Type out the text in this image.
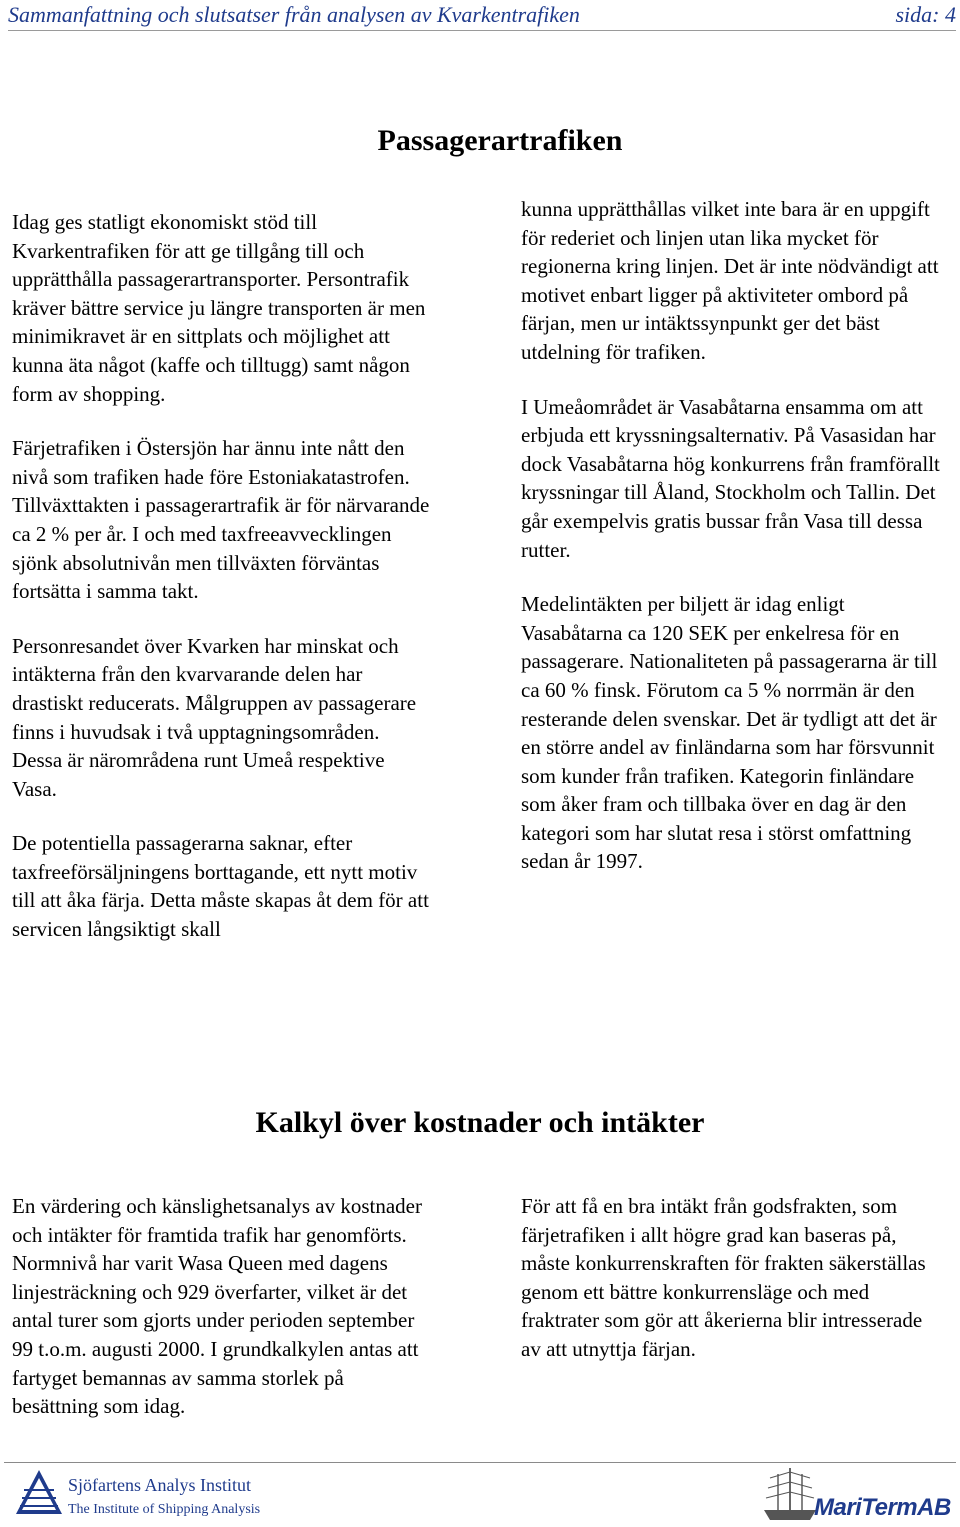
Sammanfattning och slutsatser från analysen av Kvarkentrafiken	sida: 4
Passagerartrafiken

Idag ges statligt ekonomiskt stöd till Kvarkentrafiken för att ge tillgång till och upprätthålla passagerartransporter. Persontrafik kräver bättre service ju längre transporten är men minimikravet är en sittplats och möjlighet att kunna äta något (kaffe och tilltugg) samt någon form av shopping.

Färjetrafiken i Östersjön har ännu inte nått den nivå som trafiken hade före Estoniakatastrofen. Tillväxttakten i passagerartrafik är för närvarande ca 2 % per år. I och med taxfreeavvecklingen sjönk absolutnivån men tillväxten förväntas fortsätta i samma takt.

Personresandet över Kvarken har minskat och intäkterna från den kvarvarande delen har drastiskt reducerats. Målgruppen av passagerare finns i huvudsak i två upptagningsområden. Dessa är närområdena runt Umeå respektive Vasa.

De potentiella passagerarna saknar, efter taxfreeförsäljningens borttagande, ett nytt motiv till att åka färja. Detta måste skapas åt dem för att servicen långsiktigt skall

kunna upprätthållas vilket inte bara är en uppgift för rederiet och linjen utan lika mycket för regionerna kring linjen. Det är inte nödvändigt att motivet enbart ligger på aktiviteter ombord på färjan, men ur intäktssynpunkt ger det bäst utdelning för trafiken.

I Umeåområdet är Vasabåtarna ensamma om att erbjuda ett kryssningsalternativ. På Vasasidan har dock Vasabåtarna hög konkurrens från framförallt kryssningar till Åland, Stockholm och Tallin. Det går exempelvis gratis bussar från Vasa till dessa rutter.

Medelintäkten per biljett är idag enligt Vasabåtarna ca 120 SEK per enkelresa för en passagerare. Nationaliteten på passagerarna är till ca 60 % finsk. Förutom ca 5 % norrmän är den resterande delen svenskar. Det är tydligt att det är en större andel av finländarna som har försvunnit som kunder från trafiken. Kategorin finländare som åker fram och tillbaka över en dag är den kategori som har slutat resa i störst omfattning sedan år 1997.

Kalkyl över kostnader och intäkter

En värdering och känslighetsanalys av kostnader och intäkter för framtida trafik har genomförts. Normnivå har varit Wasa Queen med dagens linjesträckning och 929 överfarter, vilket är det antal turer som gjorts under perioden september 99 t.o.m. augusti 2000. I grundkalkylen antas att fartyget bemannas av samma storlek på besättning som idag.

För att få en bra intäkt från godsfrakten, som färjetrafiken i allt högre grad kan baseras på, måste konkurrenskraften för frakten säkerställas genom ett bättre konkurrensläge och med fraktrater som gör att åkerierna blir intresserade av att utnyttja färjan.

Sjöfartens Analys Institut
The Institute of Shipping Analysis	MariTermAB
